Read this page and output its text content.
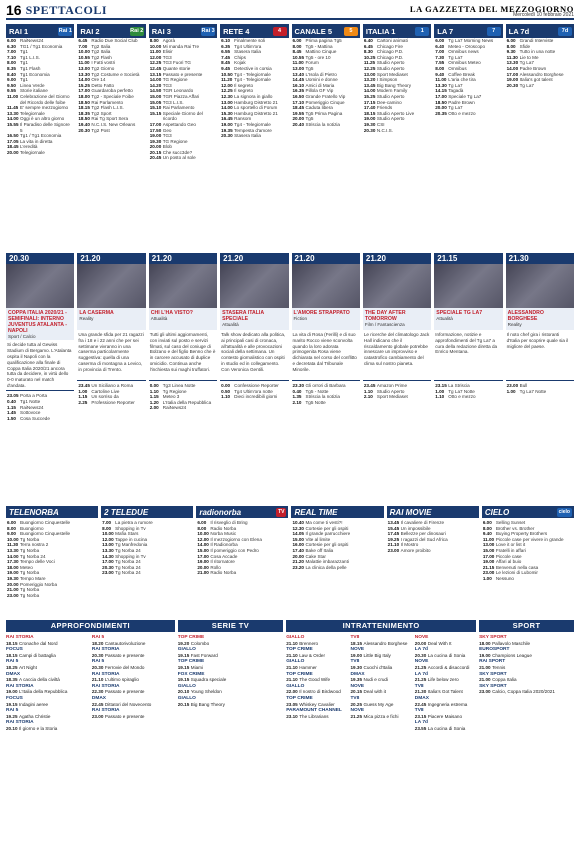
16 SPETTACOLI	LA GAZZETTA DEL MEZZOGIORNO
Mercoledì 10 febbraio 2021
RAI 1	Rai 1
6.00 RaiNews24
6.30 TG1 / Tg1 Economia
7.00 Tg1
7.10 Tg1 L.I.S.
8.00 Tg1
8.35 Tg1 Flash
8.40 Tg1 Economia
9.00 Tg1
9.50 Linea Verde
9.55 Storie italiane
11.00 Celebrazione del Giorno del Ricordo delle foibe
11.45 E' sempre mezzogiorno
13.30 Telegiornale
14.00 Oggi è un altro giorno
15.55 Il Paradiso delle Signore 5
16.50 Tg1 / Tg1 Economia
17.05 La vita in diretta
18.45 L'eredità
20.00 Telegiornale
20.30
COPPA ITALIA 2020/21 - SEMIFINALI: INTERNO JUVENTUS ATALANTA - NAPOLI
Sport / Calcio
Si decide tutta al Gewiss Stadium di Bergamo. L'Atalanta ospita il Napoli con la qualificazione alla finale di Coppa Italia 2020/21 ancora tutta da decidere, in virtù dello 0-0 maturato nel match d'andata.
23.05 Porta a Porta
0.40 Tg1 Notte
1.15 RaiNews24
1.45 Sottovoce
1.50 Cosa Succede
RAI 2	Rai 2
6.45 Radio Due Social Club
7.00 Tg2 Italia
10.00 Tg2 Italia
10.55 Tg2 Flash
11.00 I Fatti vostri
13.00 Tg2 Giorno
13.30 Tg2 Costume e Società
14.00 Ore 14
15.25 Detto Fatto
17.00 Guardaroba perfetto
18.00 Tg2 - Speciale Foibe
18.50 Rai Parlamento
18.15 Tg2 Flash L.I.S.
18.35 Tg2 Sport
18.50 Rai Tg Sport Sera
19.40 N.C.I.S. New Orleans
20.30 Tg2 Post
21.20
LA CASERMA
Reality
Una grande sfida per 21 ragazzi fra i 18 e i 22 anni che per sei settimane vivranno in una caserma particolarmente suggestiva: quella di una caserma di montagna a Levico, in provincia di Trento.
23.45 Un Siciliano a Roma
1.00 Cartoline Live
1.15 Un sorriso da
2.25 Professione Reporter
RAI 3	Rai 3
8.00 Agorà
10.00 Mi manda Rai Tre
11.00 Elisir
12.00 TG3
12.25 TG3 Fuori TG
12.45 Quante storie
13.15 Passato e presente
14.00 TG Regione
14.20 TG3
14.50 TGR Leonardo
15.00 TGR Piazza Affari
15.05 TG3 L.I.S.
15.10 Rai Parlamento
15.15 Speciale Giorno del ricordo
17.00 Aspettando Geo
17.50 Geo
19.00 TG3
19.30 TG Regione
20.00 Blob
20.15 Che succ3de?
20.45 Un posto al sole
21.20
CHI L'HA VISTO?
Attualità
Tutti gli ultimi aggiornamenti, con inviati sul posto e servizi filmati, sul caso del coniuge di Bolzano e del figlio Benno che è in carcere accusato di duplice omicidio. Continua anche l'inchiesta sui maghi truffatori.
0.00 Tg3 Linea Notte
1.10 Tg Regione
1.15 Meteo 3
1.20 L'Italia della Repubblica
2.00 RaiNews24
RETE 4	4
6.10 Finalmente soli
6.35 Tg4 Ultim'ora
6.55 Stasera Italia
7.45 Chips
8.45 Kojak
9.45 Detective in corsia
10.50 Tg4 - Telegiornale
11.20 Tg4 - Telegiornale
12.00 Il segreto
12.25 Il segreto
12.30 La signora in giallo
13.00 Hamburg Distretto 21
14.00 Lo sportello di Forum
15.30 Hamburg Distretto 21
16.45 Ransom
19.00 Tg4 - Telegiornale
19.35 Tempesta d'amore
20.30 Stasera Italia
21.20
STASERA ITALIA SPECIALE
Attualità
Talk show dedicato alla politica, ai principali casi di cronaca, all'attualità e alle provocazioni sociali della settimana. Un contesto giornalistico con ospiti in studio ed in collegamento. Con Veronica Gentili.
0.00 Confessione Reporter
0.50 Tg4 Ultim'ora notte
1.10 Dieci incredibili giorni
CANALE 5	5
6.00 Prima pagina Tg5
8.00 Tg5 - Mattina
8.45 Mattino Cinque
10.55 Tg5 - ore 10
11.00 Forum
13.00 Tg5
13.40 L'Isola di Pietro
14.45 Uomini e donne
16.10 Amici di Maria
16.35 Pillola GF Vip
16.50 Grande Fratello Vip
17.10 Pomeriggio Cinque
18.45 Caduta libera
19.55 Tg5 Prima Pagina
20.00 Tg5
20.40 Striscia la notizia
21.20
L'AMORE STRAPPATO
Fiction
La vita di Rosa (Ferilli) e di suo marito Rocco viene sconvolta quando la loro adorata primogenita Rosa viene dichiarata nel corso del conflitto e decretata dal Tribunale Minorile.
23.30 Gli orrori di Barbara
0.40 Tg5 - Notte
1.35 Striscia la notizia
2.10 Tg5 Notte
ITALIA 1	1
6.40 Cartoni animati
6.45 Chicago Fire
8.30 Chicago P.D.
10.25 Chicago P.D.
11.25 Studio Aperto
12.25 Studio Aperto
13.00 Sport Mediaset
13.20 I Simpson
13.45 Big Bang Theory
14.00 Modern Family
15.25 Studio Aperto
17.15 Dee-camino
17.40 Friends
18.15 Studio Aperto Live
19.00 Studio Aperto
19.30 CSI
20.30 N.C.I.S.
21.20
THE DAY AFTER TOMORROW
Film / Fantascienza
Le ricerche del climatologo Jack Hall indicano che il riscaldamento globale potrebbe innescare un improvviso e catastrofico cambiamento del clima sul nostro pianeta.
23.45 Amazon Prime
1.10 Studio Aperto
2.10 Sport Mediaset
LA 7	7
6.00 Tg La7 Morning News
6.40 Meteo - Oroscopo
7.00 Omnibus news
7.30 Tg La7
7.55 Omnibus Meteo
8.00 Omnibus
9.40 Coffee Break
11.00 L'aria che tira
13.30 Tg La7
14.15 Tagadà
17.00 Speciale Tg La7
18.50 Padre Brown
20.00 Tg La7
20.35 Otto e mezzo
21.15
SPECIALE TG LA7
Attualità
Informazione, notizie e approfondimenti del Tg La7 a cura della redazione diretta da Enrico Mentana.
23.15 La Striscia
1.00 Tg La7 Notte
1.10 Otto e mezzo
LA 7d	7d
6.00 Grandi Interviste
8.00 Sfide
9.30 Tutto in una notte
11.30 Lie to Me
13.30 Tg La7
14.00 Padre Brown
17.00 Alessandro Borghese
19.00 Italia's got talent
20.30 Tg La7
21.30
ALESSANDRO BORGHESE
Reality
Il noto chef gira i ristoranti d'Italia per scoprire quale sia il migliore del paese.
23.00 Bull
1.00 Tg La7 Notte
TELENORBA
6.00 Buongiorno Cinquestelle
8.00 Buongiorno
9.00 Buongiorno Cinquestelle
10.00 Tg Norba
11.30 Terra nostra 2
13.30 Tg Norba
14.00 Tg Norba 24
17.30 Tempo delle Voci
18.00 Meteo
19.00 Tg Norba
19.30 Tempo Mare
20.00 Pomeriggio Norba
21.00 Tg Norba
23.00 Tg Norba
2 TELEDUE
7.00 La pietra a rumore
8.00 Shopping in Tv
10.00 Mafia Stars
12.00 Tappe in cucina
13.00 Tg Manfredonia
13.30 Tg Norba 24
14.30 Shopping in Tv
17.00 Tg Norba 24
20.30 Tg Norba 24
23.00 Tg Norba 24
radionorba	TV
6.00 Il risveglio di Bring
8.00 Radio Norba
10.00 Norba Music
12.00 Il mezzogiorno con Elena
14.00 Il Radionorba
15.00 Il pomeriggio con Pedro
17.00 Cosa Accade
19.00 Il ritornatore
20.00 Rollo
21.00 Radio Norba
REAL TIME
10.40 Ma come ti vesti?!
12.30 Cortesie per gli ospiti
14.05 Il grande parrucchiere
15.00 Vite al limite
16.00 Cortesie per gli ospiti
17.40 Bake off Italia
20.00 Cake Star
21.20 Malattie imbarazzanti
23.20 La clinica della pelle
RAI MOVIE
13.45 Il cavaliere di Firenze
15.45 Un impossibile
17.45 Bellezze per dinosauri
19.25 I ragazzi del Sud Africa
21.10 Il Mostro
23.00 Amore proibito
CIELO	cielo
6.00 Selling Sunset
8.00 Brother vs. Brother
9.40 Buying Property Brothers
11.00 Piccole case per vivere in grande
13.00 Love it or list it
15.00 Fratelli in affari
17.00 Piccole case
19.00 Affari al buio
21.15 Benvenuti nella casa
23.00 Le lezioni di Lubomir
1.00 Nessuno
APPROFONDIMENTI
RAI STORIA
18.15 Cronache dal Nord
FOCUS
18.15 Campi di battaglia
RAI 5
18.25 Art Night
DMAX
18.35 A caccia della civiltà
RAI STORIA
19.00 L'Italia della Repubblica
FOCUS
19.15 Indagini aeree
RAI 5
19.25 Agatha Christie
RAI STORIA
20.10 Il giorno e la Storia
RAI 5
18.20 Cantautorivoluzione
RAI STORIA
20.30 Passato e presente
RAI 5
20.30 Ferrovie del Mondo
RAI STORIA
21.10 L'ultimo spiraglio
RAI STORIA
22.30 Passato e presente
DMAX
22.45 Dittatori del Novecento
RAI STORIA
23.00 Passato e presente
SERIE TV
TOP CRIME
19.20 Colombo
GIALLO
19.15 Fast Forward
TOP CRIME
19.15 Miami
FOX CRIME
19.15 Squadra speciale
GIALLO
20.10 Young Sheldon
GIALLO
20.15 Big Bang Theory
INTRATTENIMENTO
GIALLO
21.10 Brennero
TOP CRIME
21.10 Law & Order
GIALLO
21.10 Hammer
TOP CRIME
21.10 The Good Wife
GIALLO
22.00 Il nostro di Birdwood
TOP CRIME
23.05 Whiskey Cavalier
PARAMOUNT CHANNEL
23.10 The Librarians
TV8
18.15 Alessandro Borghese
NOVE
19.00 Little Big Italy
TV8
19.30 Cuochi d'Italia
DMAX
19.35 Nudi e crudi
NOVE
20.15 Deal with it
TV8
20.25 Guess My Age
NOVE
21.25 Mica pizza e fichi
NOVE
20.00 Deal With It
LA 7d
20.30 La cucina di Sonia
NOVE
21.25 Accordi & disaccordi
LA 7d
21.25 Life below zero
TV8
21.30 Italia's Got Talent
DMAX
22.45 Ingegneria estrema
TV8
23.15 Piacere Maisano
LA 7d
23.55 La cucina di Sonia
SPORT
SKY SPORT
18.00 Pallavolo Maschile
EUROSPORT
19.00 Champions League
RAI SPORT
21.00 Tennis
SKY SPORT
21.00 Coppa Italia
SKY SPORT
23.00 Calcio, Coppa Italia 2020/2021
